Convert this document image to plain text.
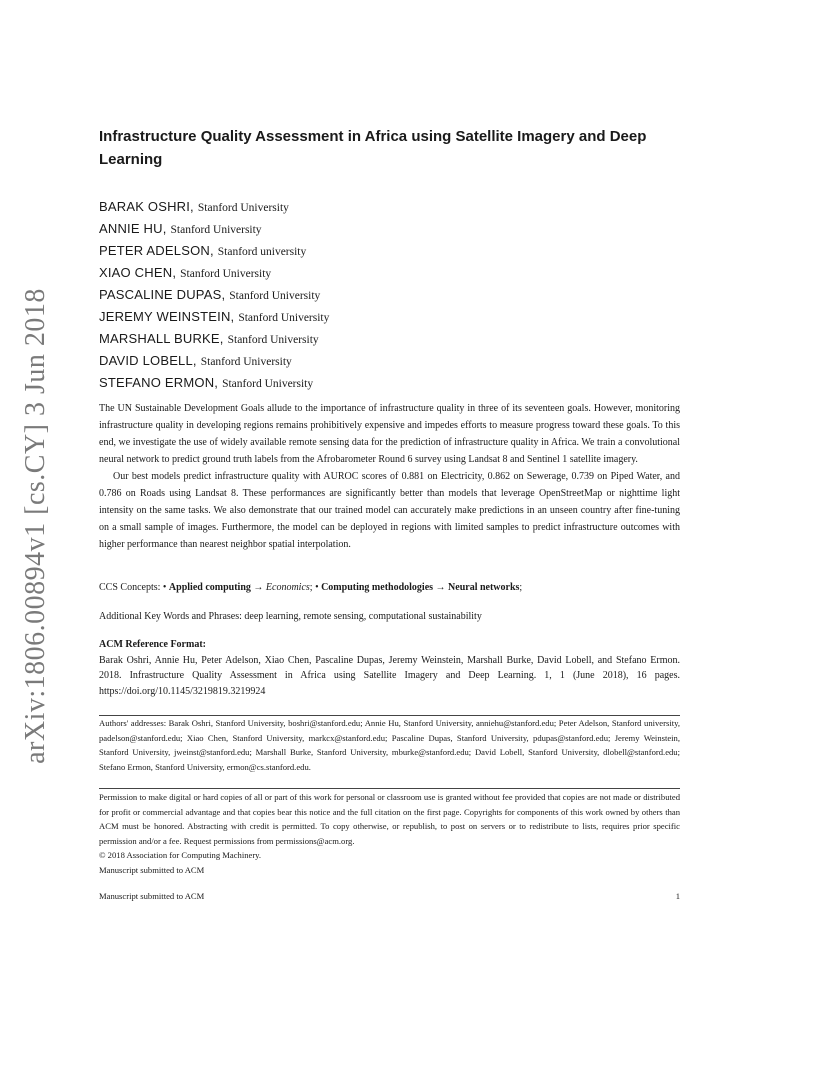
arXiv:1806.00894v1 [cs.CY] 3 Jun 2018
Infrastructure Quality Assessment in Africa using Satellite Imagery and Deep Learning
BARAK OSHRI, Stanford University
ANNIE HU, Stanford University
PETER ADELSON, Stanford university
XIAO CHEN, Stanford University
PASCALINE DUPAS, Stanford University
JEREMY WEINSTEIN, Stanford University
MARSHALL BURKE, Stanford University
DAVID LOBELL, Stanford University
STEFANO ERMON, Stanford University

The UN Sustainable Development Goals allude to the importance of infrastructure quality in three of its seventeen goals. However, monitoring infrastructure quality in developing regions remains prohibitively expensive and impedes efforts to measure progress toward these goals. To this end, we investigate the use of widely available remote sensing data for the prediction of infrastructure quality in Africa. We train a convolutional neural network to predict ground truth labels from the Afrobarometer Round 6 survey using Landsat 8 and Sentinel 1 satellite imagery.

Our best models predict infrastructure quality with AUROC scores of 0.881 on Electricity, 0.862 on Sewerage, 0.739 on Piped Water, and 0.786 on Roads using Landsat 8. These performances are significantly better than models that leverage OpenStreetMap or nighttime light intensity on the same tasks. We also demonstrate that our trained model can accurately make predictions in an unseen country after fine-tuning on a small sample of images. Furthermore, the model can be deployed in regions with limited samples to predict infrastructure outcomes with higher performance than nearest neighbor spatial interpolation.

CCS Concepts: • Applied computing → Economics; • Computing methodologies → Neural networks;
Additional Key Words and Phrases: deep learning, remote sensing, computational sustainability
ACM Reference Format:
Barak Oshri, Annie Hu, Peter Adelson, Xiao Chen, Pascaline Dupas, Jeremy Weinstein, Marshall Burke, David Lobell, and Stefano Ermon. 2018. Infrastructure Quality Assessment in Africa using Satellite Imagery and Deep Learning. 1, 1 (June 2018), 16 pages. https://doi.org/10.1145/3219819.3219924
Authors' addresses: Barak Oshri, Stanford University, boshri@stanford.edu; Annie Hu, Stanford University, anniehu@stanford.edu; Peter Adelson, Stanford university, padelson@stanford.edu; Xiao Chen, Stanford University, markcx@stanford.edu; Pascaline Dupas, Stanford University, pdupas@stanford.edu; Jeremy Weinstein, Stanford University, jweinst@stanford.edu; Marshall Burke, Stanford University, mburke@stanford.edu; David Lobell, Stanford University, dlobell@stanford.edu; Stefano Ermon, Stanford University, ermon@cs.stanford.edu.
Permission to make digital or hard copies of all or part of this work for personal or classroom use is granted without fee provided that copies are not made or distributed for profit or commercial advantage and that copies bear this notice and the full citation on the first page. Copyrights for components of this work owned by others than ACM must be honored. Abstracting with credit is permitted. To copy otherwise, or republish, to post on servers or to redistribute to lists, requires prior specific permission and/or a fee. Request permissions from permissions@acm.org.
© 2018 Association for Computing Machinery.
Manuscript submitted to ACM
Manuscript submitted to ACM	1
